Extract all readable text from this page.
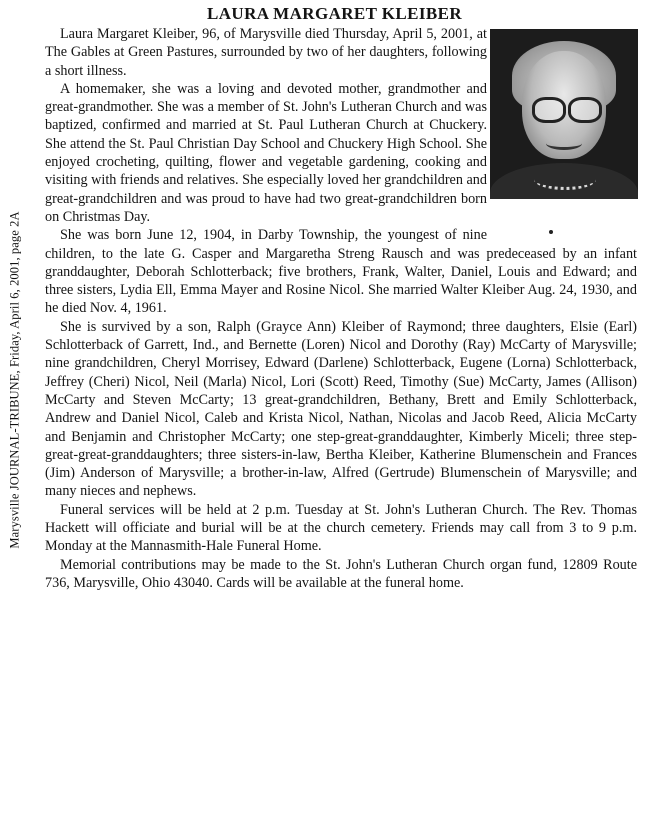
Marysville JOURNAL-TRIBUNE, Friday, April 6, 2001, page 2A
LAURA MARGARET KLEIBER

Laura Margaret Kleiber, 96, of Marysville died Thursday, April 5, 2001, at The Gables at Green Pastures, surrounded by two of her daughters, following a short illness.

A homemaker, she was a loving and devoted mother, grandmother and great-grandmother. She was a member of St. John's Lutheran Church and was baptized, confirmed and married at St. Paul Lutheran Church at Chuckery. She attend the St. Paul Christian Day School and Chuckery High School. She enjoyed crocheting, quilting, flower and vegetable gardening, cooking and visiting with friends and relatives. She especially loved her grandchildren and great-grandchildren and was proud to have had two great-grandchildren born on Christmas Day.

She was born June 12, 1904, in Darby Township, the youngest of nine children, to the late G. Casper and Margaretha Streng Rausch and was predeceased by an infant granddaughter, Deborah Schlotterback; five brothers, Frank, Walter, Daniel, Louis and Edward; and three sisters, Lydia Ell, Emma Mayer and Rosine Nicol. She married Walter Kleiber Aug. 24, 1930, and he died Nov. 4, 1961.

She is survived by a son, Ralph (Grayce Ann) Kleiber of Raymond; three daughters, Elsie (Earl) Schlotterback of Garrett, Ind., and Bernette (Loren) Nicol and Dorothy (Ray) McCarty of Marysville; nine grandchildren, Cheryl Morrisey, Edward (Darlene) Schlotterback, Eugene (Lorna) Schlotterback, Jeffrey (Cheri) Nicol, Neil (Marla) Nicol, Lori (Scott) Reed, Timothy (Sue) McCarty, James (Allison) McCarty and Steven McCarty; 13 great-grandchildren, Bethany, Brett and Emily Schlotterback, Andrew and Daniel Nicol, Caleb and Krista Nicol, Nathan, Nicolas and Jacob Reed, Alicia McCarty and Benjamin and Christopher McCarty; one step-great-granddaughter, Kimberly Miceli; three step-great-great-granddaughters; three sisters-in-law, Bertha Kleiber, Katherine Blumenschein and Frances (Jim) Anderson of Marysville; a brother-in-law, Alfred (Gertrude) Blumenschein of Marysville; and many nieces and nephews.

Funeral services will be held at 2 p.m. Tuesday at St. John's Lutheran Church. The Rev. Thomas Hackett will officiate and burial will be at the church cemetery. Friends may call from 3 to 9 p.m. Monday at the Mannasmith-Hale Funeral Home.

Memorial contributions may be made to the St. John's Lutheran Church organ fund, 12809 Route 736, Marysville, Ohio 43040. Cards will be available at the funeral home.
